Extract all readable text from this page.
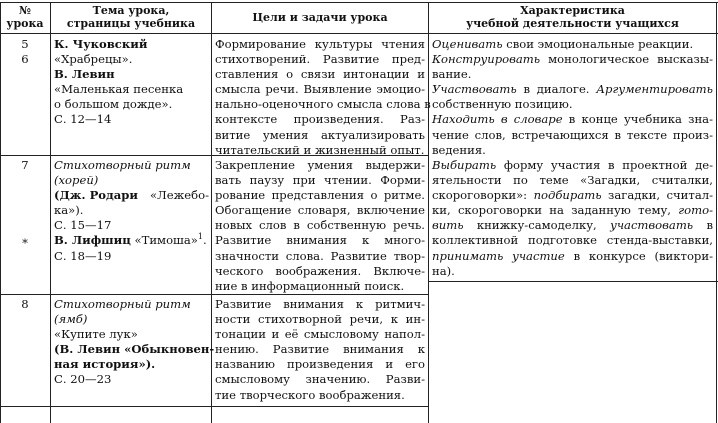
№
урока
Тема урока,
страницы учебника	Цели и задачи урока
Характеристика
учебной деятельности учащихся
5
6
К. Чуковский
«Храбрецы».
В. Левин
«Маленькая песенка
о большом дожде».
С. 12—14
Формирование культуры чтения
стихотворений. Развитие пред-
ставления о связи интонации и
смысла речи. Выявление эмоцио-
нально-оценочного смысла слова в
контексте произведения. Раз-
витие умения актуализировать
читательский и жизненный опыт.
7
*
Стихотворный ритм
(хорей)
(Дж. Родари «Лежебо-
ка»).
С. 15—17
В. Лифшиц «Тимоша»$^1$.
С. 18—19
Закрепление умения выдержи-
вать паузу при чтении. Форми-
рование представления о ритме.
Обогащение словаря, включение
новых слов в собственную речь.
Развитие внимания к много-
значности слова. Развитие твор-
ческого воображения. Включе-
ние в информационный поиск.
8	Стихотворный ритм
(ямб)
«Купите лук»
(В. Левин «Обыкновен-
ная история»).
С. 20—23
Развитие внимания к ритмич-
ности стихотворной речи, к ин-
тонации и её смысловому напол-
нению. Развитие внимания к
названию произведения и его
смысловому значению. Разви-
тие творческого воображения.
Оценивать свои эмоциональные реакции.
Конструировать монологическое высказы-
вание.
Участвовать в диалоге. Аргументировать
собственную позицию.
Находить в словаре в конце учебника зна-
чение слов, встречающихся в тексте произ-
ведения.
Выбирать форму участия в проектной де-
ятельности по теме «Загадки, считалки,
скороговорки»: подбирать загадки, считал-
ки, скороговорки на заданную тему, гото-
вить книжку-самоделку, участвовать в
коллективной подготовке стенда-выставки,
принимать участие в конкурсе (виктори-
на).
